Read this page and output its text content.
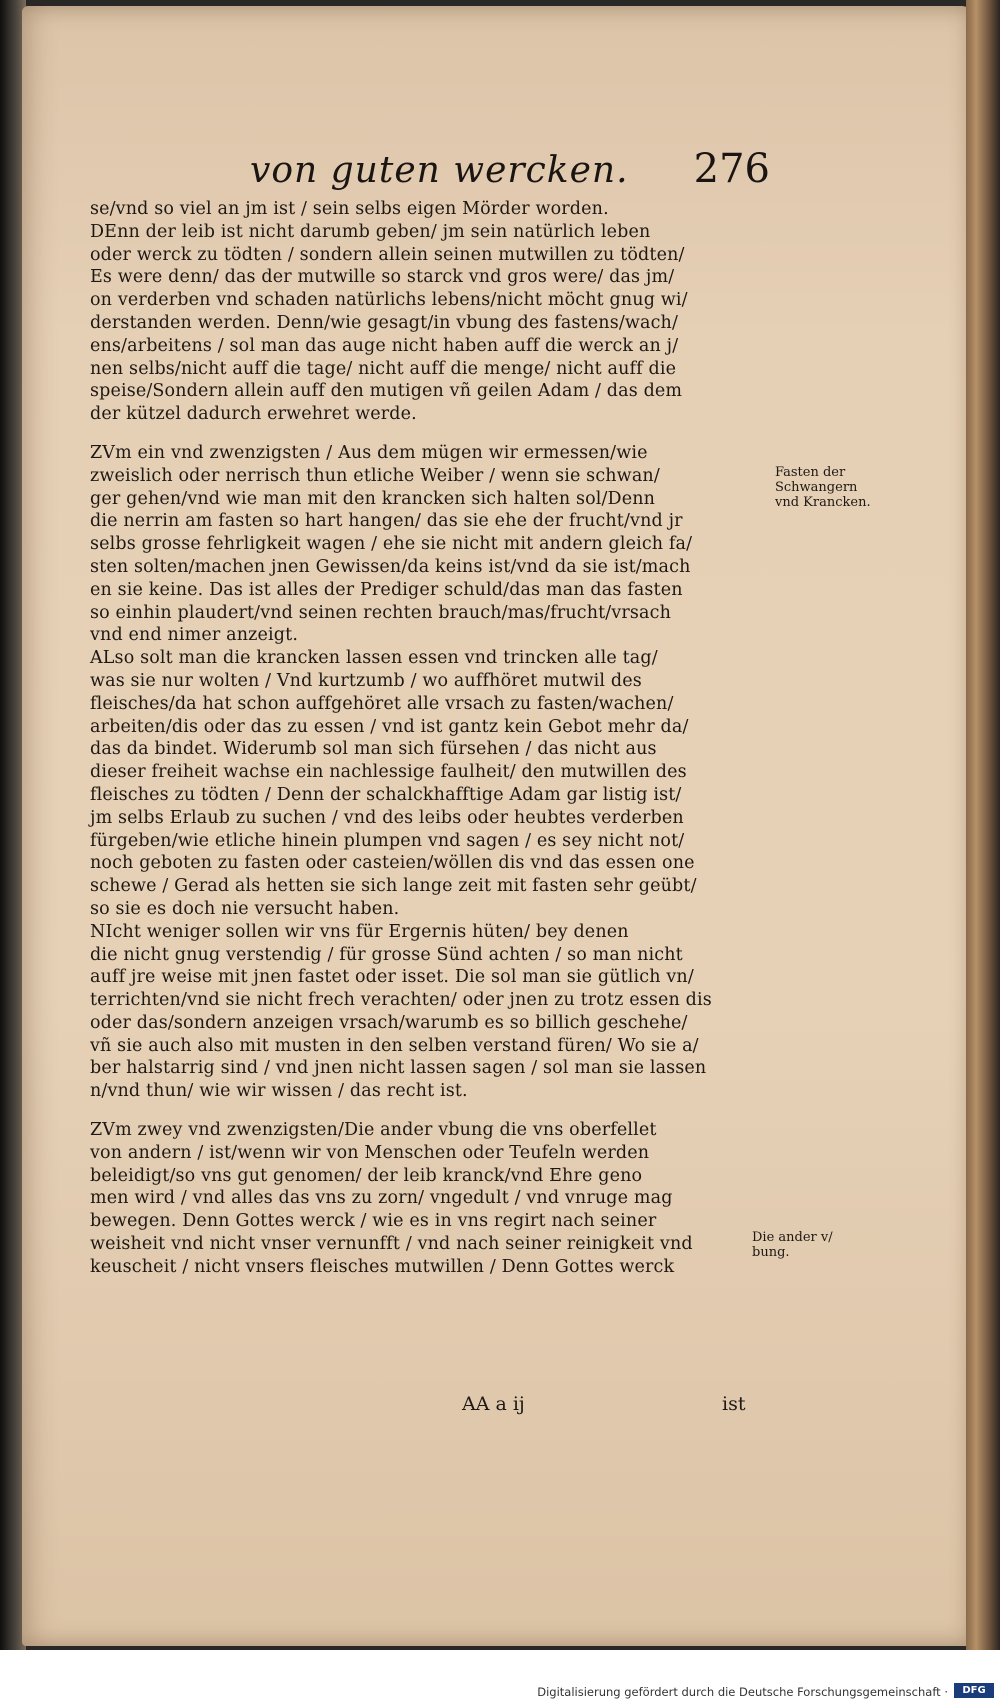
von guten wercken. 276
se/vnd so viel an jm ist / sein selbs eigen Mörder worden.
DEnn der leib ist nicht darumb geben/ jm sein natürlich leben
oder werck zu tödten / sondern allein seinen mutwillen zu tödten/
Es were denn/ das der mutwille so starck vnd gros were/ das jm/
on verderben vnd schaden natürlichs lebens/nicht möcht gnug wi/
derstanden werden. Denn/wie gesagt/in vbung des fastens/wach/
ens/arbeitens / sol man das auge nicht haben auff die werck an j/
nen selbs/nicht auff die tage/ nicht auff die menge/ nicht auff die
speise/Sondern allein auff den mutigen vñ geilen Adam / das dem
der kützel dadurch erwehret werde.
ZVm ein vnd zwenzigsten / Aus dem mügen wir ermessen/wie
zweislich oder nerrisch thun etliche Weiber / wenn sie schwan/
ger gehen/vnd wie man mit den krancken sich halten sol/Denn
die nerrin am fasten so hart hangen/ das sie ehe der frucht/vnd jr
selbs grosse fehrligkeit wagen / ehe sie nicht mit andern gleich fa/
sten solten/machen jnen Gewissen/da keins ist/vnd da sie ist/mach
en sie keine. Das ist alles der Prediger schuld/das man das fasten
so einhin plaudert/vnd seinen rechten brauch/mas/frucht/vrsach
vnd end nimer anzeigt.
ALso solt man die krancken lassen essen vnd trincken alle tag/
was sie nur wolten / Vnd kurtzumb / wo auffhöret mutwil des
fleisches/da hat schon auffgehöret alle vrsach zu fasten/wachen/
arbeiten/dis oder das zu essen / vnd ist gantz kein Gebot mehr da/
das da bindet. Widerumb sol man sich fürsehen / das nicht aus
dieser freiheit wachse ein nachlessige faulheit/ den mutwillen des
fleisches zu tödten / Denn der schalckhafftige Adam gar listig ist/
jm selbs Erlaub zu suchen / vnd des leibs oder heubtes verderben
fürgeben/wie etliche hinein plumpen vnd sagen / es sey nicht not/
noch geboten zu fasten oder casteien/wöllen dis vnd das essen one
schewe / Gerad als hetten sie sich lange zeit mit fasten sehr geübt/
so sie es doch nie versucht haben.
NIcht weniger sollen wir vns für Ergernis hüten/ bey denen
die nicht gnug verstendig / für grosse Sünd achten / so man nicht
auff jre weise mit jnen fastet oder isset. Die sol man sie gütlich vn/
terrichten/vnd sie nicht frech verachten/ oder jnen zu trotz essen dis
oder das/sondern anzeigen vrsach/warumb es so billich geschehe/
vñ sie auch also mit musten in den selben verstand füren/ Wo sie a/
ber halstarrig sind / vnd jnen nicht lassen sagen / sol man sie lassen
n/vnd thun/ wie wir wissen / das recht ist.
ZVm zwey vnd zwenzigsten/Die ander vbung die vns oberfellet
von andern / ist/wenn wir von Menschen oder Teufeln werden
beleidigt/so vns gut genomen/ der leib kranck/vnd Ehre geno
men wird / vnd alles das vns zu zorn/ vngedult / vnd vnruge mag
bewegen. Denn Gottes werck / wie es in vns regirt nach seiner
weisheit vnd nicht vnser vernunfft / vnd nach seiner reinigkeit vnd
keuscheit / nicht vnsers fleisches mutwillen / Denn Gottes werck
Fasten der
Schwangern
vnd Krancken.
Die ander v/
bung.
AA a ij	ist
Digitalisierung gefördert durch die Deutsche Forschungsgemeinschaft ·	DFG
